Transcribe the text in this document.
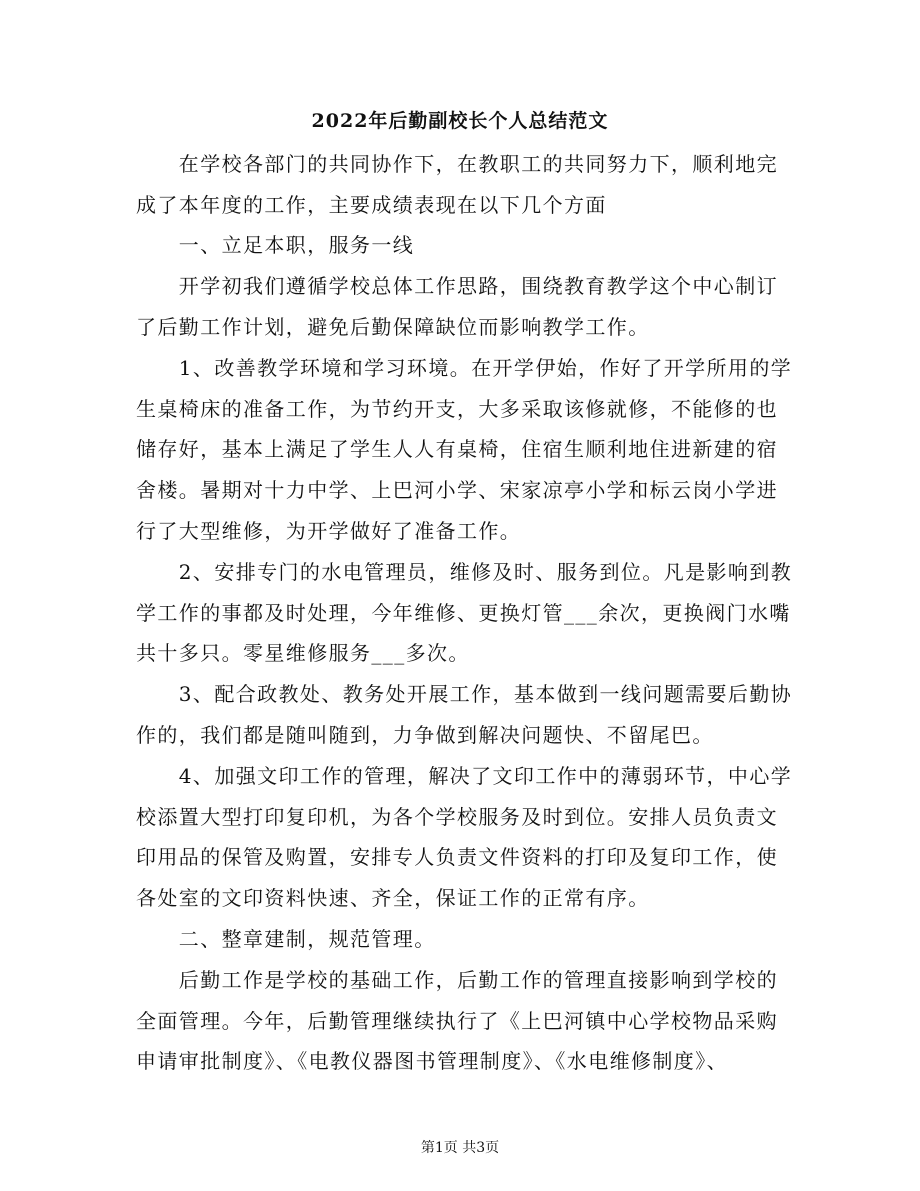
2022年后勤副校长个人总结范文
　　在学校各部门的共同协作下，在教职工的共同努力下，顺利地完
成了本年度的工作，主要成绩表现在以下几个方面
　　一、立足本职，服务一线
　　开学初我们遵循学校总体工作思路，围绕教育教学这个中心制订
了后勤工作计划，避免后勤保障缺位而影响教学工作。
　　1、改善教学环境和学习环境。在开学伊始，作好了开学所用的学
生桌椅床的准备工作，为节约开支，大多采取该修就修，不能修的也
储存好，基本上满足了学生人人有桌椅，住宿生顺利地住进新建的宿
舍楼。暑期对十力中学、上巴河小学、宋家凉亭小学和标云岗小学进
行了大型维修，为开学做好了准备工作。
　　2、安排专门的水电管理员，维修及时、服务到位。凡是影响到教
学工作的事都及时处理，今年维修、更换灯管___余次，更换阀门水嘴
共十多只。零星维修服务___多次。
　　3、配合政教处、教务处开展工作，基本做到一线问题需要后勤协
作的，我们都是随叫随到，力争做到解决问题快、不留尾巴。
　　4、加强文印工作的管理，解决了文印工作中的薄弱环节，中心学
校添置大型打印复印机，为各个学校服务及时到位。安排人员负责文
印用品的保管及购置，安排专人负责文件资料的打印及复印工作，使
各处室的文印资料快速、齐全，保证工作的正常有序。
　　二、整章建制，规范管理。
　　后勤工作是学校的基础工作，后勤工作的管理直接影响到学校的
全面管理。今年，后勤管理继续执行了《上巴河镇中心学校物品采购
申请审批制度》、《电教仪器图书管理制度》、《水电维修制度》、
第1页 共3页
